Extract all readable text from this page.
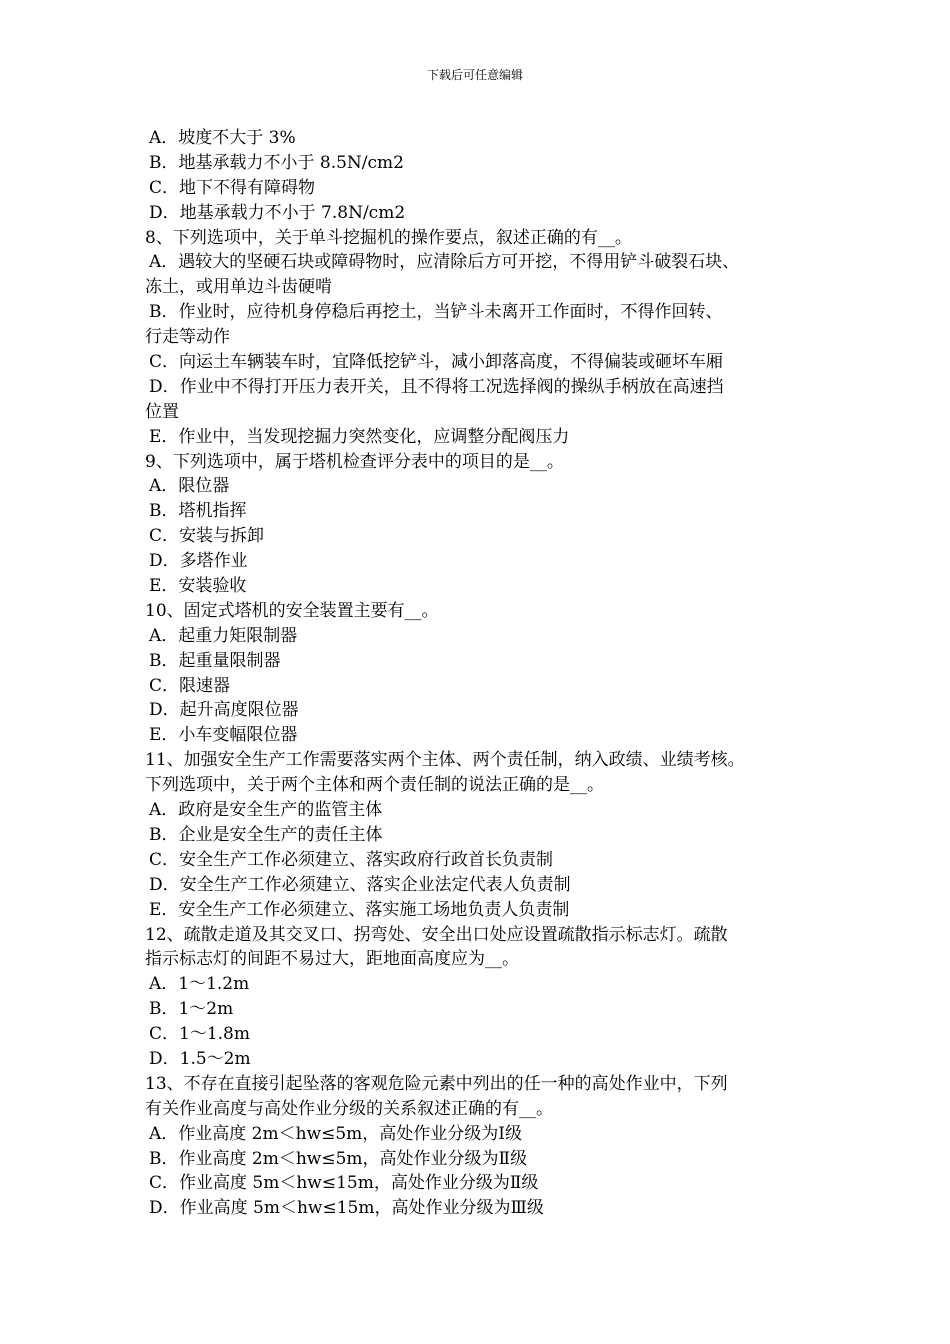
下载后可任意编辑
A．坡度不大于 3%
B．地基承载力不小于 8.5N/cm2
C．地下不得有障碍物
D．地基承载力不小于 7.8N/cm2
8、下列选项中，关于单斗挖掘机的操作要点，叙述正确的有__。
A．遇较大的坚硬石块或障碍物时，应清除后方可开挖，不得用铲斗破裂石块、
冻土，或用单边斗齿硬啃
B．作业时，应待机身停稳后再挖土，当铲斗未离开工作面时，不得作回转、
行走等动作
C．向运土车辆装车时，宜降低挖铲斗，减小卸落高度，不得偏装或砸坏车厢
D．作业中不得打开压力表开关，且不得将工况选择阀的操纵手柄放在高速挡
位置
E．作业中，当发现挖掘力突然变化，应调整分配阀压力
9、下列选项中，属于塔机检查评分表中的项目的是__。
A．限位器
B．塔机指挥
C．安装与拆卸
D．多塔作业
E．安装验收
10、固定式塔机的安全装置主要有__。
A．起重力矩限制器
B．起重量限制器
C．限速器
D．起升高度限位器
E．小车变幅限位器
11、加强安全生产工作需要落实两个主体、两个责任制，纳入政绩、业绩考核。
下列选项中，关于两个主体和两个责任制的说法正确的是__。
A．政府是安全生产的监管主体
B．企业是安全生产的责任主体
C．安全生产工作必须建立、落实政府行政首长负责制
D．安全生产工作必须建立、落实企业法定代表人负责制
E．安全生产工作必须建立、落实施工场地负责人负责制
12、疏散走道及其交叉口、拐弯处、安全出口处应设置疏散指示标志灯。疏散
指示标志灯的间距不易过大，距地面高度应为__。
A．1～1.2m
B．1～2m
C．1～1.8m
D．1.5～2m
13、不存在直接引起坠落的客观危险元素中列出的任一种的高处作业中，下列
有关作业高度与高处作业分级的关系叙述正确的有__。
A．作业高度 2m＜hw≤5m，高处作业分级为Ⅰ级
B．作业高度 2m＜hw≤5m，高处作业分级为Ⅱ级
C．作业高度 5m＜hw≤15m，高处作业分级为Ⅱ级
D．作业高度 5m＜hw≤15m，高处作业分级为Ⅲ级
